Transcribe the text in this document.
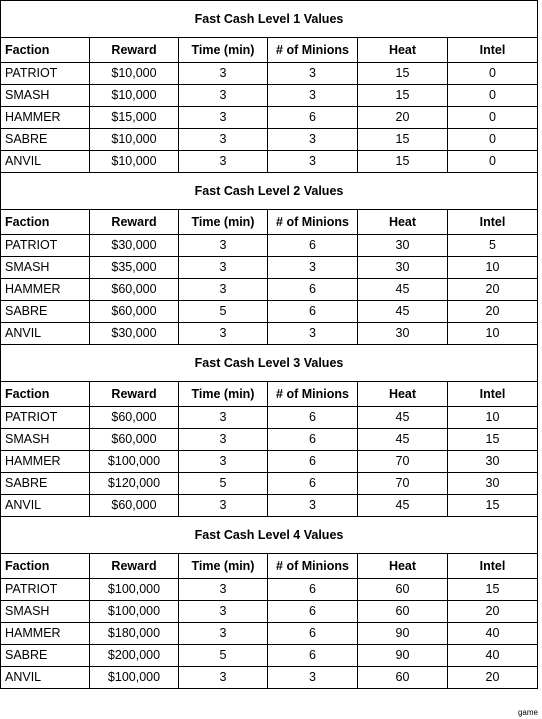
Fast Cash Level 1 Values					
Faction	Reward	Time (min)	# of Minions	Heat	Intel
PATRIOT	$10,000	3	3	15	0
SMASH	$10,000	3	3	15	0
HAMMER	$15,000	3	6	20	0
SABRE	$10,000	3	3	15	0
ANVIL	$10,000	3	3	15	0
Fast Cash Level 2 Values					
Faction	Reward	Time (min)	# of Minions	Heat	Intel
PATRIOT	$30,000	3	6	30	5
SMASH	$35,000	3	3	30	10
HAMMER	$60,000	3	6	45	20
SABRE	$60,000	5	6	45	20
ANVIL	$30,000	3	3	30	10
Fast Cash Level 3 Values					
Faction	Reward	Time (min)	# of Minions	Heat	Intel
PATRIOT	$60,000	3	6	45	10
SMASH	$60,000	3	6	45	15
HAMMER	$100,000	3	6	70	30
SABRE	$120,000	5	6	70	30
ANVIL	$60,000	3	3	45	15
Fast Cash Level 4 Values					
Faction	Reward	Time (min)	# of Minions	Heat	Intel
PATRIOT	$100,000	3	6	60	15
SMASH	$100,000	3	6	60	20
HAMMER	$180,000	3	6	90	40
SABRE	$200,000	5	6	90	40
ANVIL	$100,000	3	3	60	20
game
